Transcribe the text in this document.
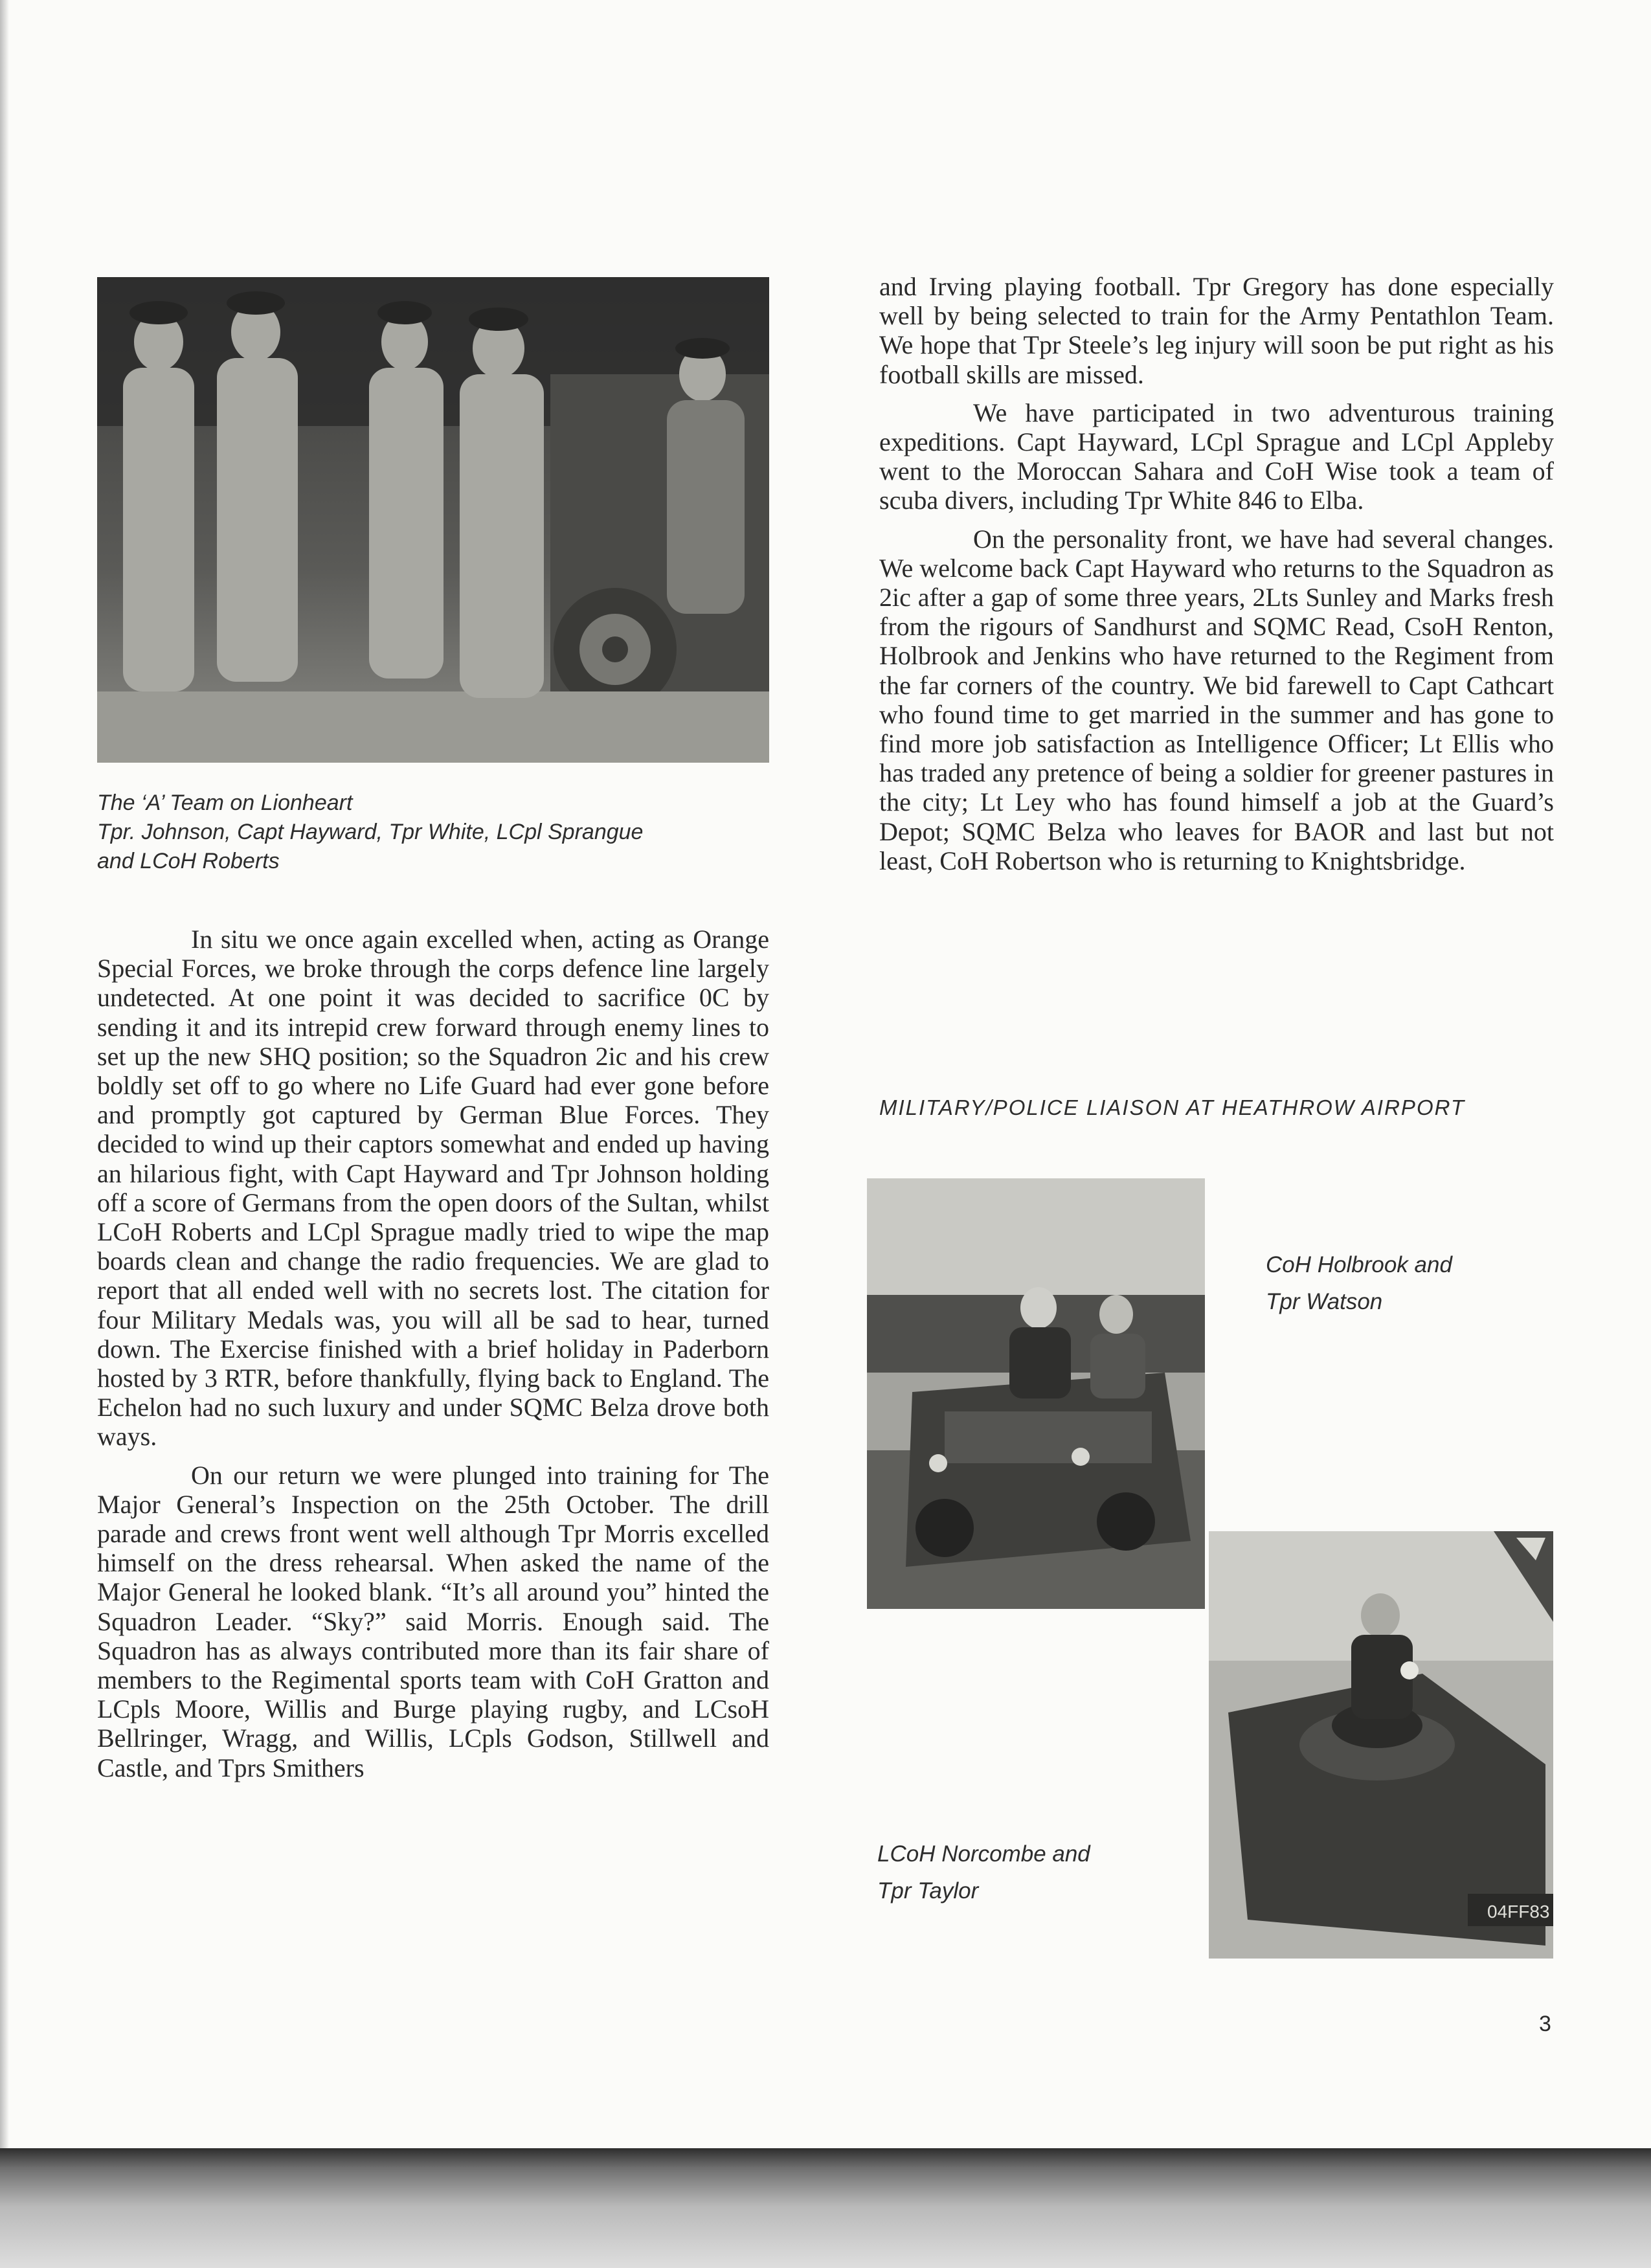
The ‘A’ Team on Lionheart
Tpr. Johnson, Capt Hayward, Tpr White, LCpl Sprangue
and LCoH Roberts

In situ we once again excelled when, acting as Orange Special Forces, we broke through the corps defence line largely undetected. At one point it was decided to sacrifice 0C by sending it and its intrepid crew forward through enemy lines to set up the new SHQ position; so the Squadron 2ic and his crew boldly set off to go where no Life Guard had ever gone before and promptly got captured by German Blue Forces. They decided to wind up their captors somewhat and ended up having an hilarious fight, with Capt Hayward and Tpr Johnson holding off a score of Germans from the open doors of the Sultan, whilst LCoH Roberts and LCpl Sprague madly tried to wipe the map boards clean and change the radio frequencies. We are glad to report that all ended well with no secrets lost. The citation for four Military Medals was, you will all be sad to hear, turned down. The Exercise finished with a brief holiday in Paderborn hosted by 3 RTR, before thankfully, flying back to England. The Echelon had no such luxury and under SQMC Belza drove both ways.

On our return we were plunged into training for The Major General’s Inspection on the 25th October. The drill parade and crews front went well although Tpr Morris excelled himself on the dress rehearsal. When asked the name of the Major General he looked blank. “It’s all around you” hinted the Squadron Leader. “Sky?” said Morris. Enough said. The Squadron has as always contributed more than its fair share of members to the Regimental sports team with CoH Gratton and LCpls Moore, Willis and Burge playing rugby, and LCsoH Bellringer, Wragg, and Willis, LCpls Godson, Stillwell and Castle, and Tprs Smithers

and Irving playing football. Tpr Gregory has done especially well by being selected to train for the Army Pentathlon Team. We hope that Tpr Steele’s leg injury will soon be put right as his football skills are missed.

We have participated in two adventurous training expeditions. Capt Hayward, LCpl Sprague and LCpl Appleby went to the Moroccan Sahara and CoH Wise took a team of scuba divers, including Tpr White 846 to Elba.

On the personality front, we have had several changes. We welcome back Capt Hayward who returns to the Squadron as 2ic after a gap of some three years, 2Lts Sunley and Marks fresh from the rigours of Sandhurst and SQMC Read, CsoH Renton, Holbrook and Jenkins who have returned to the Regiment from the far corners of the country. We bid farewell to Capt Cathcart who found time to get married in the summer and has gone to find more job satisfaction as Intelligence Officer; Lt Ellis who has traded any pretence of being a soldier for greener pastures in the city; Lt Ley who has found himself a job at the Guard’s Depot; SQMC Belza who leaves for BAOR and last but not least, CoH Robertson who is returning to Knightsbridge.

MILITARY/POLICE LIAISON AT HEATHROW AIRPORT
CoH Holbrook and
Tpr Watson
04FF83
LCoH Norcombe and
Tpr Taylor
3
